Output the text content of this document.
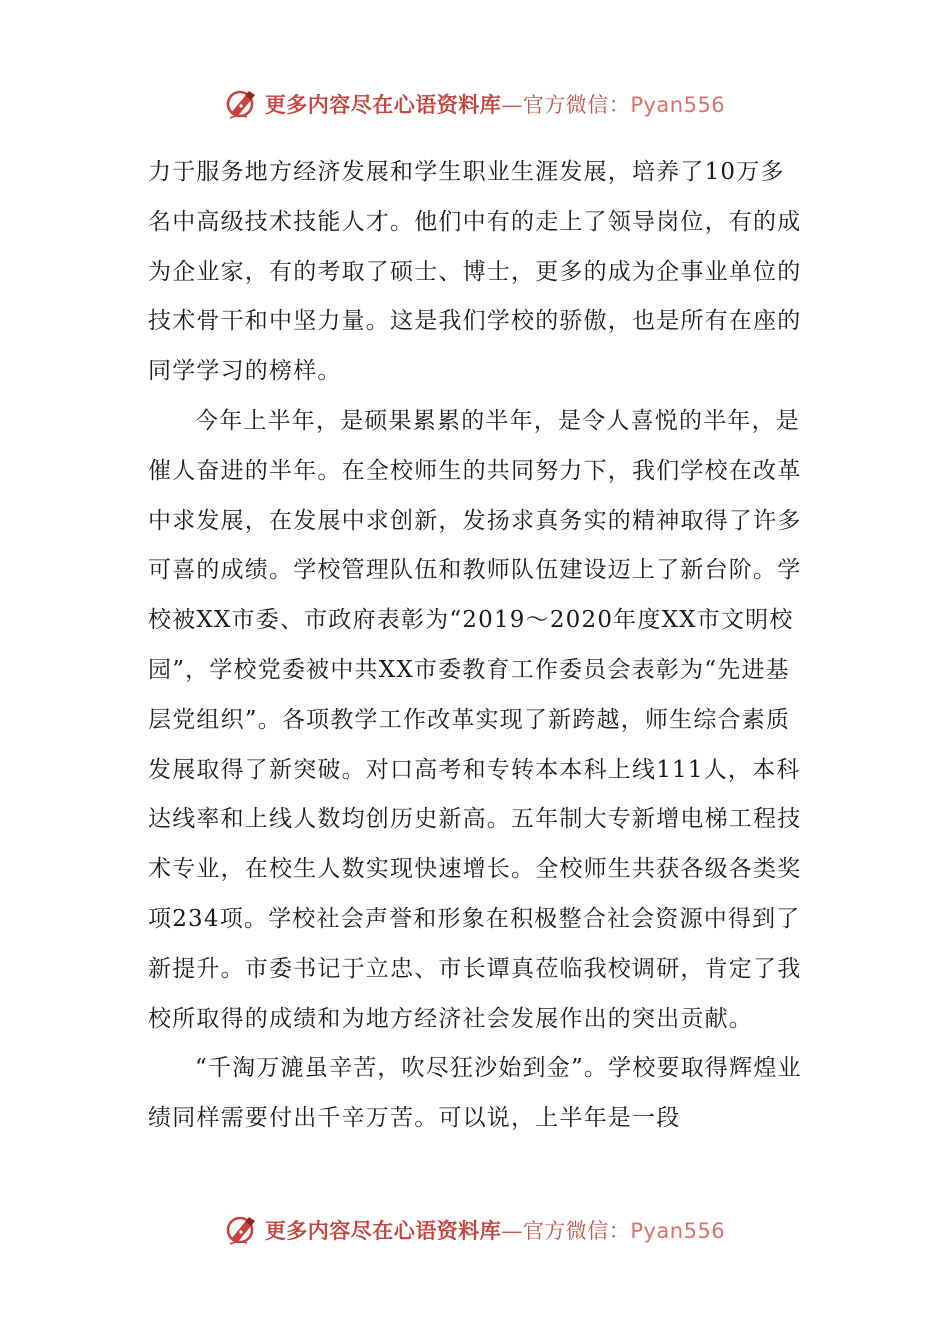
更多内容尽在心语资料库—官方微信：Pyan556

力于服务地方经济发展和学生职业生涯发展，培养了10万多名中高级技术技能人才。他们中有的走上了领导岗位，有的成为企业家，有的考取了硕士、博士，更多的成为企事业单位的技术骨干和中坚力量。这是我们学校的骄傲，也是所有在座的同学学习的榜样。

今年上半年，是硕果累累的半年，是令人喜悦的半年，是催人奋进的半年。在全校师生的共同努力下，我们学校在改革中求发展，在发展中求创新，发扬求真务实的精神取得了许多可喜的成绩。学校管理队伍和教师队伍建设迈上了新台阶。学校被XX市委、市政府表彰为“2019～2020年度XX市文明校园”，学校党委被中共XX市委教育工作委员会表彰为“先进基层党组织”。各项教学工作改革实现了新跨越，师生综合素质发展取得了新突破。对口高考和专转本本科上线111人，本科达线率和上线人数均创历史新高。五年制大专新增电梯工程技术专业，在校生人数实现快速增长。全校师生共获各级各类奖项234项。学校社会声誉和形象在积极整合社会资源中得到了新提升。市委书记于立忠、市长谭真莅临我校调研，肯定了我校所取得的成绩和为地方经济社会发展作出的突出贡献。

“千淘万漉虽辛苦，吹尽狂沙始到金”。学校要取得辉煌业绩同样需要付出千辛万苦。可以说，上半年是一段

更多内容尽在心语资料库—官方微信：Pyan556
